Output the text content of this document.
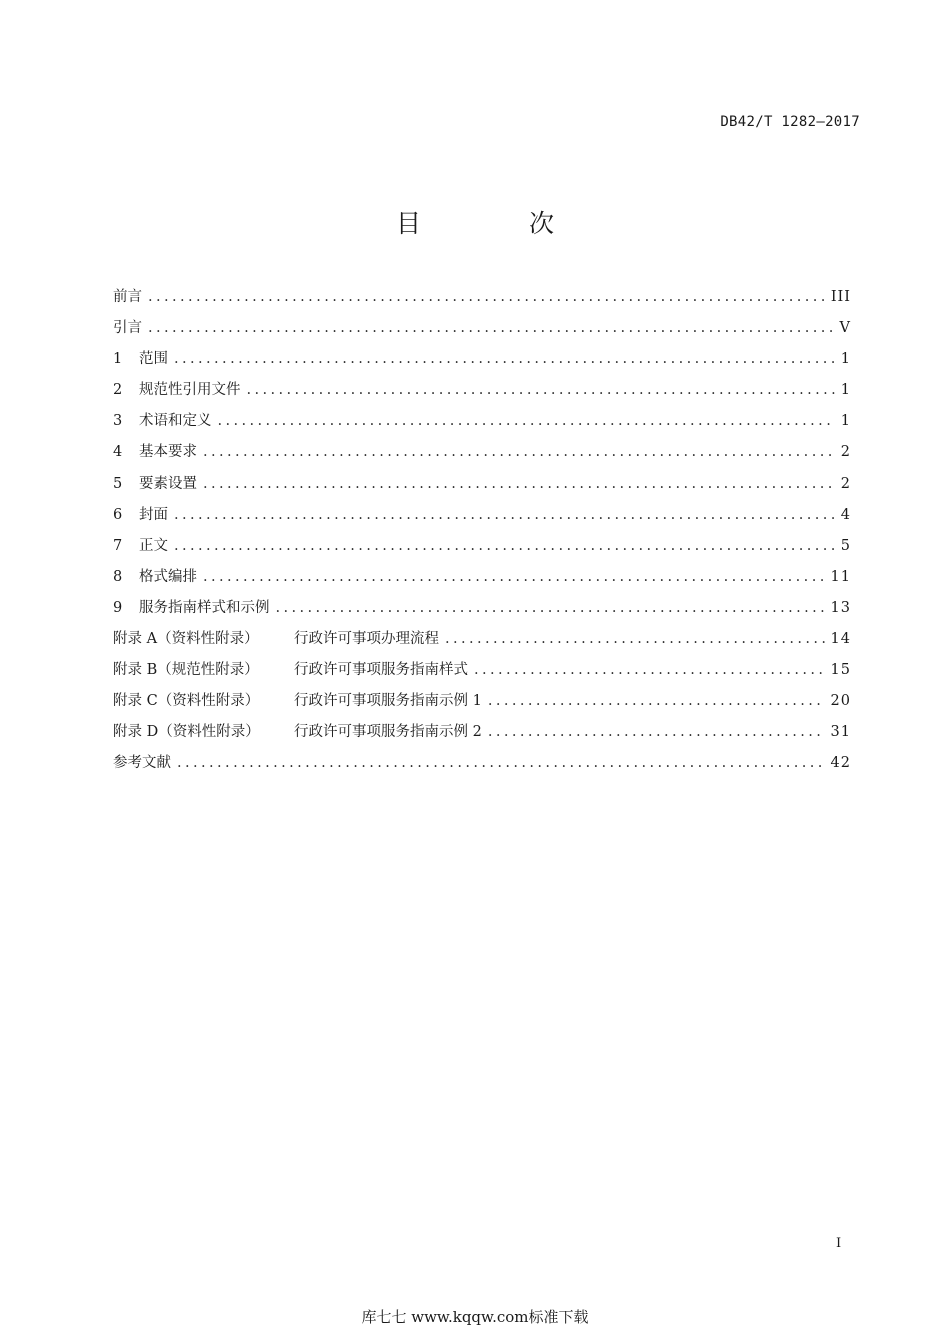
DB42/T 1282—2017
目 次
前言 .....	III
引言 .....	V
1	范围 .....	1
2	规范性引用文件 .....	1
3	术语和定义 .....	1
4	基本要求 .....	2
5	要素设置 .....	2
6	封面 .....	4
7	正文 .....	5
8	格式编排 .....	11
9	服务指南样式和示例 .....	13
附录 A（资料性附录）	行政许可事项办理流程 .....	14
附录 B（规范性附录）	行政许可事项服务指南样式 .....	15
附录 C（资料性附录）	行政许可事项服务指南示例 1 .....	20
附录 D（资料性附录）	行政许可事项服务指南示例 2 .....	31
参考文献 .....	42
I
库七七 www.kqqw.com标准下载
